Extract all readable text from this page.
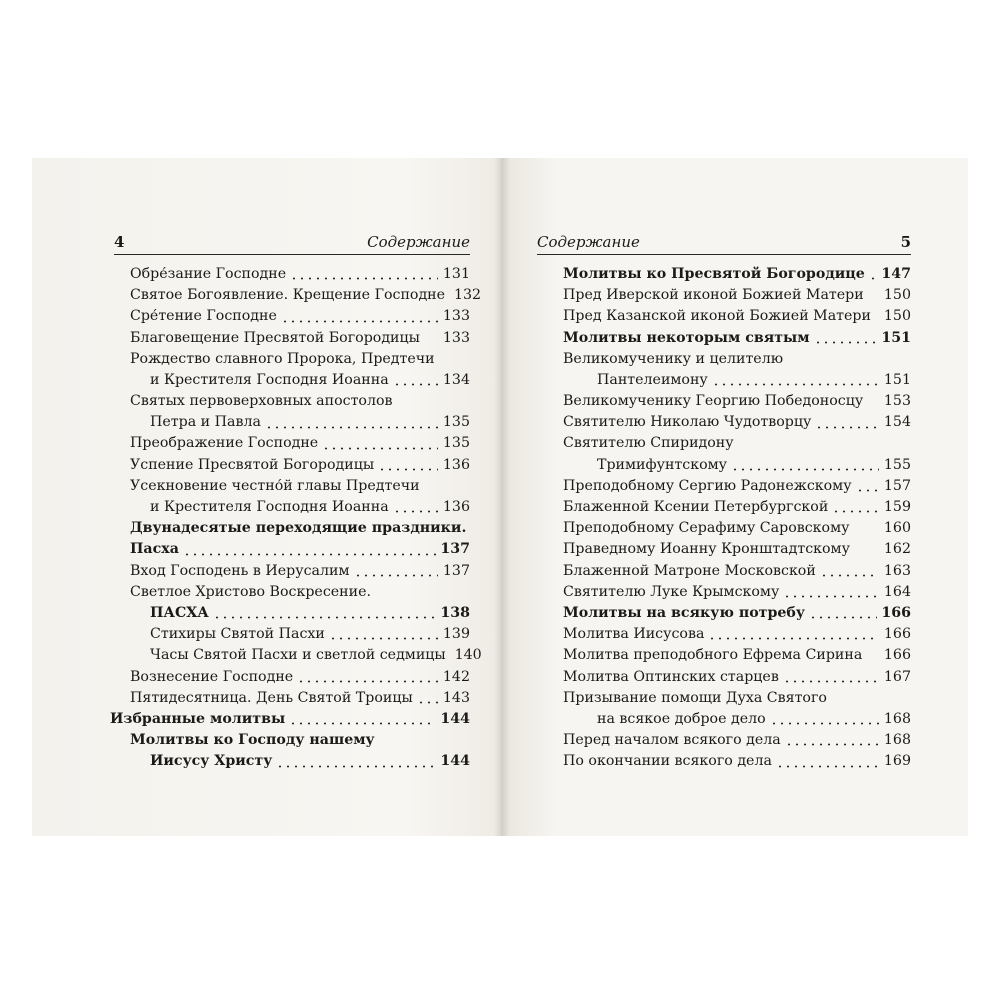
4	Содержание
Обре́зание Господне	131
Святое Богоявление. Крещение Господне 132
Сре́тение Господне	133
Благовещение Пресвятой Богородицы 133
Рождество славного Пророка, Предтечи
и Крестителя Господня Иоанна	134
Святых первоверховных апостолов
Петра и Павла	135
Преображение Господне	135
Успение Пресвятой Богородицы	136
Усекновение честно́й главы Предтечи
и Крестителя Господня Иоанна	136
Двунадесятые переходящие праздники.
Пасха	137
Вход Господень в Иерусалим	137
Светлое Христово Воскресение.
ПАСХА	138
Стихиры Святой Пасхи	139
Часы Святой Пасхи и светлой седмицы 140
Вознесение Господне	142
Пятидесятница. День Святой Троицы 143
Избранные молитвы	144
Молитвы ко Господу нашему
Иисусу Христу	144
Содержание	5
Молитвы ко Пресвятой Богородице 147
Пред Иверской иконой Божией Матери 150
Пред Казанской иконой Божией Матери 150
Молитвы некоторым святым	151
Великомученику и целителю
Пантелеимону	151
Великомученику Георгию Победоносцу 153
Святителю Николаю Чудотворцу	154
Святителю Спиридону
Тримифунтскому	155
Преподобному Сергию Радонежскому 157
Блаженной Ксении Петербургской	159
Преподобному Серафиму Саровскому 160
Праведному Иоанну Кронштадтскому 162
Блаженной Матроне Московской	163
Святителю Луке Крымскому	164
Молитвы на всякую потребу	166
Молитва Иисусова	166
Молитва преподобного Ефрема Сирина 166
Молитва Оптинских старцев	167
Призывание помощи Духа Святого
на всякое доброе дело	168
Перед началом всякого дела	168
По окончании всякого дела	169
